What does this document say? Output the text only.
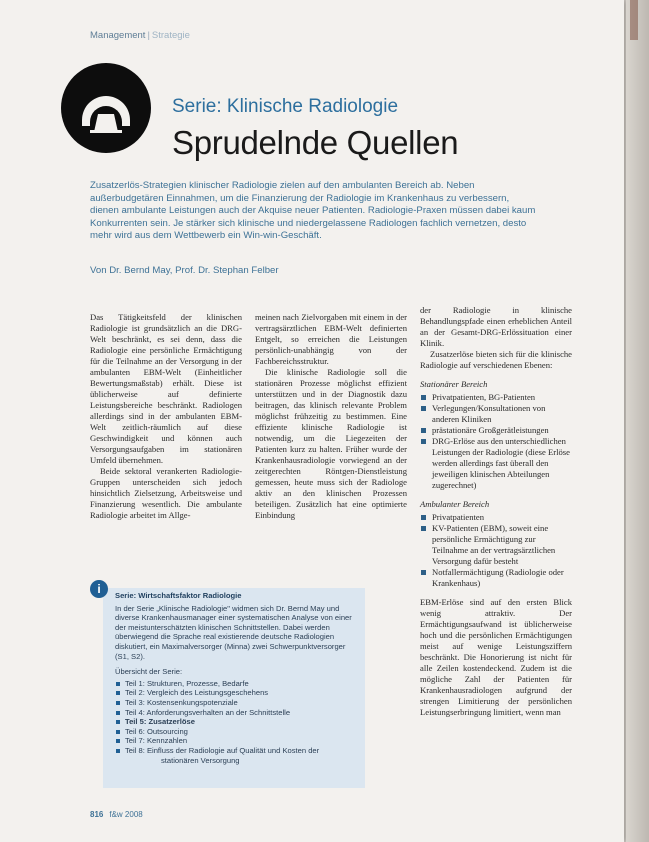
Management | Strategie
Serie: Klinische Radiologie
Sprudelnde Quellen
Zusatzerlös-Strategien klinischer Radiologie zielen auf den ambulanten Bereich ab. Neben außerbudgetären Einnahmen, um die Finanzierung der Radiologie im Krankenhaus zu verbessern, dienen ambulante Leistungen auch der Akquise neuer Patienten. Radiologie-Praxen müssen dabei kaum Konkurrenten sein. Je stärker sich klinische und niedergelassene Radiologen fachlich vernetzen, desto mehr wird aus dem Wettbewerb ein Win-win-Geschäft.
Von Dr. Bernd May, Prof. Dr. Stephan Felber

Das Tätigkeitsfeld der klinischen Radiologie ist grundsätzlich an die DRG-Welt beschränkt, es sei denn, dass die Radiologie eine persönliche Ermächtigung für die Teilnahme an der Versorgung in der ambulanten EBM-Welt (Einheitlicher Bewertungsmaßstab) erhält. Diese ist üblicherweise auf definierte Leistungsbereiche beschränkt. Radiologen allerdings sind in der ambulanten EBM-Welt zeitlich-räumlich auf diese Geschwindigkeit und können auch Versorgungsaufgaben im stationären Umfeld übernehmen.

Beide sektoral verankerten Radiologie-Gruppen unterscheiden sich jedoch hinsichtlich Zielsetzung, Arbeitsweise und Finanzierung wesentlich. Die ambulante Radiologie arbeitet im Allge-

meinen nach Zielvorgaben mit einem in der vertragsärztlichen EBM-Welt definierten Entgelt, so erreichen die Leistungen persönlich-unabhängig von der Fachbereichsstruktur.

Die klinische Radiologie soll die stationären Prozesse möglichst effizient unterstützen und in der Diagnostik dazu beitragen, das klinisch relevante Problem möglichst frühzeitig zu bestimmen. Eine effiziente klinische Radiologie ist notwendig, um die Liegezeiten der Patienten kurz zu halten. Früher wurde der Krankenhausradiologie vorwiegend an der zeitgerechten Röntgen-Dienstleistung gemessen, heute muss sich der Radiologe aktiv an den klinischen Prozessen beteiligen. Zusätzlich hat eine optimierte Einbindung

der Radiologie in klinische Behandlungspfade einen erheblichen Anteil an der Gesamt-DRG-Erlössituation einer Klinik.

Zusatzerlöse bieten sich für die klinische Radiologie auf verschiedenen Ebenen:

Stationärer Bereich
Privatpatienten, BG-Patienten
Verlegungen/Konsultationen von anderen Kliniken
prästationäre Großgerätleistungen
DRG-Erlöse aus den unterschiedlichen Leistungen der Radiologie (diese Erlöse werden allerdings fast überall den jeweiligen klinischen Abteilungen zugerechnet)
Ambulanter Bereich
Privatpatienten
KV-Patienten (EBM), soweit eine persönliche Ermächtigung zur Teilnahme an der vertragsärztlichen Versorgung dafür besteht
Notfallermächtigung (Radiologie oder Krankenhaus)

EBM-Erlöse sind auf den ersten Blick wenig attraktiv. Der Ermächtigungsaufwand ist üblicherweise hoch und die persönlichen Ermächtigungen meist auf wenige Leistungsziffern beschränkt. Die Honorierung ist nicht für alle Zeilen kostendeckend. Zudem ist die mögliche Zahl der Patienten für Krankenhausradiologen aufgrund der strengen Limitierung der persönlichen Leistungserbringung limitiert, wenn man

Serie: Wirtschaftsfaktor Radiologie
In der Serie „Klinische Radiologie" widmen sich Dr. Bernd May und diverse Krankenhausmanager einer systematischen Analyse von einer der meistunterschätzten klinischen Schnittstellen. Dabei werden überwiegend die Sprache real existierende deutsche Radiologien diskutiert, ein Maximalversorger (Minna) zwei Schwerpunktversorger (S1, S2).
Übersicht der Serie:
Teil 1: Strukturen, Prozesse, Bedarfe
Teil 2: Vergleich des Leistungsgeschehens
Teil 3: Kostensenkungspotenziale
Teil 4: Anforderungsverhalten an der Schnittstelle
Teil 5: Zusatzerlöse
Teil 6: Outsourcing
Teil 7: Kennzahlen
Teil 8: Einfluss der Radiologie auf Qualität und Kosten der
stationären Versorgung
i
816 f&w 2008
